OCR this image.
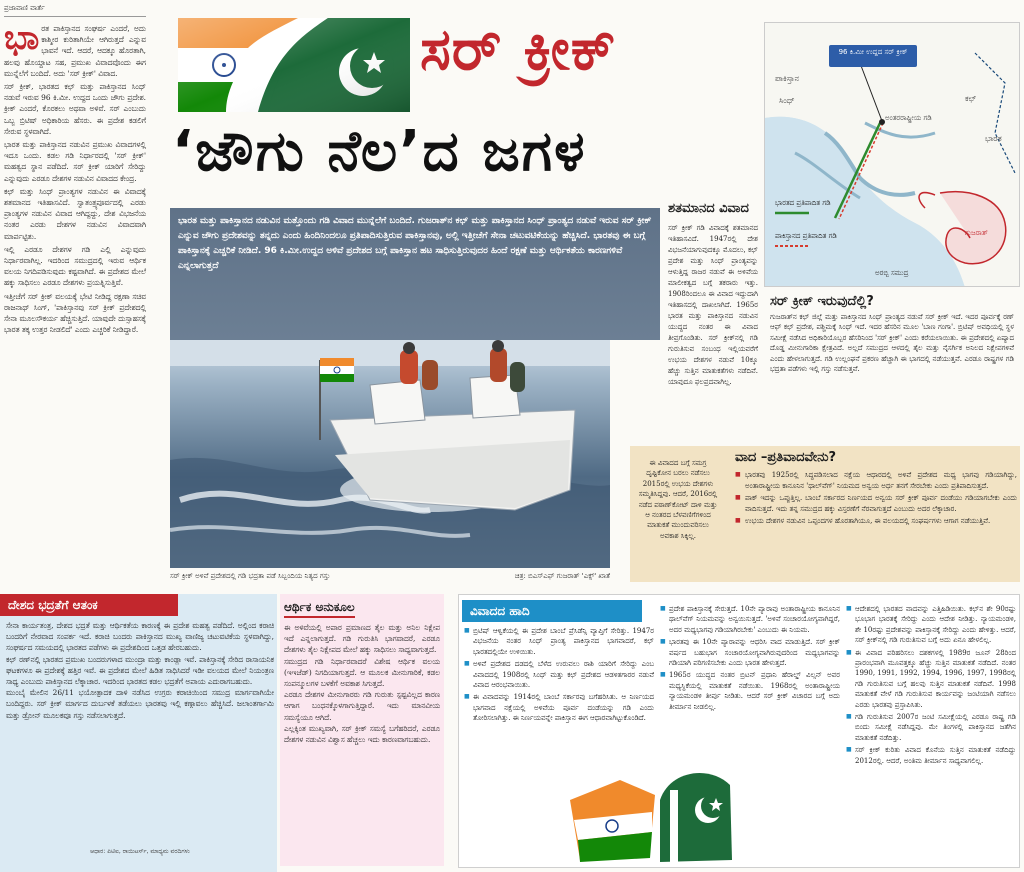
ಪ್ರಜಾವಾಣಿ ವಾರ್ತೆ
ಭಾ ರತ ಪಾಕಿಸ್ತಾನದ ಸಂಘರ್ಷ ಎಂದರೆ, ಅದು ಕಾಶ್ಮೀರ ಕುರಿತಾಗಿಯೇ ಆಗಿರುತ್ತದೆ ಎನ್ನುವ ಭಾವನೆ ಇದೆ. ಆದರೆ, ಆದಕ್ಕೂ ಹೊರತಾಗಿ, ಹಲವು ಹೊಯ್ದಾಟ ಸಹ, ಪ್ರಮುಖ ವಿವಾದವೊಂದು ಈಗ ಮುನ್ನೆಲೆಗೆ ಬಂದಿದೆ. ಅದು 'ಸರ್ ಕ್ರೀಕ್' ವಿವಾದ.

ಸರ್ ಕ್ರೀಕ್, ಭಾರತದ ಕಛ್ ಮತ್ತು ಪಾಕಿಸ್ತಾನದ ಸಿಂಧ್ ನಡುವೆ ಇರುವ 96 ಕಿ.ಮೀ. ಉದ್ದದ ಒಂದು ಜೌಗು ಪ್ರದೇಶ. ಕ್ರೀಕ್ ಎಂದರೆ, ಕೊರಕಲು ಅಥವಾ ಅಳಿವೆ. ಸರ್ ಎಂಬುದು ಒಬ್ಬ ಬ್ರಿಟಿಷ್ ಅಧಿಕಾರಿಯ ಹೆಸರು. ಈ ಪ್ರದೇಶ ಕಡಲಿಗೆ ಸೇರುವ ಸ್ಥಳವಾಗಿದೆ.

ಭಾರತ ಮತ್ತು ಪಾಕಿಸ್ತಾನದ ನಡುವಿನ ಪ್ರಮುಖ ವಿವಾದಗಳಲ್ಲಿ ಇದೂ ಒಂದು. ಕಡಲ ಗಡಿ ನಿರ್ಧಾರದಲ್ಲಿ 'ಸರ್ ಕ್ರೀಕ್' ಮಹತ್ವದ ಸ್ಥಾನ ಪಡೆದಿದೆ. ಸರ್ ಕ್ರೀಕ್ ಯಾರಿಗೆ ಸೇರಿದ್ದು ಎನ್ನುವುದು ಎರಡೂ ದೇಶಗಳ ನಡುವಿನ ವಿವಾದದ ಕೇಂದ್ರ.

ಕಛ್ ಮತ್ತು ಸಿಂಧ್ ಪ್ರಾಂತ್ಯಗಳ ನಡುವಿನ ಈ ವಿವಾದಕ್ಕೆ ಶತಮಾನದ ಇತಿಹಾಸವಿದೆ. ಸ್ವಾತಂತ್ರ್ಯಪೂರ್ವದಲ್ಲಿ ಎರಡು ಪ್ರಾಂತ್ಯಗಳ ನಡುವಿನ ವಿವಾದ ಆಗಿದ್ದದ್ದು, ದೇಶ ವಿಭಜನೆಯ ನಂತರ ಎರಡು ದೇಶಗಳ ನಡುವಿನ ವಿವಾದವಾಗಿ ಮಾರ್ಪಟ್ಟಿತು.

ಇಲ್ಲಿ ಎರಡೂ ದೇಶಗಳ ಗಡಿ ಎಲ್ಲಿ ಎನ್ನುವುದು ನಿರ್ಧಾರವಾಗಿಲ್ಲ. ಇದರಿಂದ ಸಮುದ್ರದಲ್ಲಿ ಇರುವ ಆರ್ಥಿಕ ವಲಯ ನಿಗದಿಪಡಿಸುವುದು ಕಷ್ಟವಾಗಿದೆ. ಈ ಪ್ರದೇಶದ ಮೇಲೆ ಹಕ್ಕು ಸಾಧಿಸಲು ಎರಡೂ ದೇಶಗಳು ಪ್ರಯತ್ನಿಸುತ್ತಿವೆ.

ಇತ್ತೀಚೆಗೆ ಸರ್ ಕ್ರೀಕ್ ವಲಯಕ್ಕೆ ಭೇಟಿ ನೀಡಿದ್ದ ರಕ್ಷಣಾ ಸಚಿವ ರಾಜನಾಥ್ ಸಿಂಗ್, 'ಪಾಕಿಸ್ತಾನವು ಸರ್ ಕ್ರೀಕ್ ಪ್ರದೇಶದಲ್ಲಿ ಸೇನಾ ಮೂಲಸೌಕರ್ಯ ಹೆಚ್ಚಿಸುತ್ತಿದೆ. ಯಾವುದೇ ದುಸ್ಸಾಹಸಕ್ಕೆ ಭಾರತ ತಕ್ಕ ಉತ್ತರ ನೀಡಲಿದೆ' ಎಂದು ಎಚ್ಚರಿಕೆ ನೀಡಿದ್ದಾರೆ.

ಸರ್ ಕ್ರೀಕ್
‘ಜೌಗು ನೆಲ’ದ ಜಗಳ

ಭಾರತ ಮತ್ತು ಪಾಕಿಸ್ತಾನದ ನಡುವಿನ ಮತ್ತೊಂದು ಗಡಿ ವಿವಾದ ಮುನ್ನೆಲೆಗೆ ಬಂದಿದೆ. ಗುಜರಾತ್‌ನ ಕಛ್ ಮತ್ತು ಪಾಕಿಸ್ತಾನದ ಸಿಂಧ್ ಪ್ರಾಂತ್ಯದ ನಡುವೆ ಇರುವ ಸರ್ ಕ್ರೀಕ್ ಎನ್ನುವ ಜೌಗು ಪ್ರದೇಶವನ್ನು ತನ್ನದು ಎಂದು ಹಿಂದಿನಿಂದಲೂ ಪ್ರತಿಪಾದಿಸುತ್ತಿರುವ ಪಾಕಿಸ್ತಾನವು, ಅಲ್ಲಿ ಇತ್ತೀಚೆಗೆ ಸೇನಾ ಚಟುವಟಿಕೆಯನ್ನು ಹೆಚ್ಚಿಸಿದೆ. ಭಾರತವು ಈ ಬಗ್ಗೆ ಪಾಕಿಸ್ತಾನಕ್ಕೆ ಎಚ್ಚರಿಕೆ ನೀಡಿದೆ. 96 ಕಿ.ಮೀ.ಉದ್ದದ ಅಳಿವೆ ಪ್ರದೇಶದ ಬಗ್ಗೆ ಪಾಕಿಸ್ತಾನ ಹಟ ಸಾಧಿಸುತ್ತಿರುವುದರ ಹಿಂದೆ ರಕ್ಷಣೆ ಮತ್ತು ಆರ್ಥಿಕತೆಯ ಕಾರಣಗಳಿವೆ ಎನ್ನಲಾಗುತ್ತದೆ

ಶತಮಾನದ ವಿವಾದ
ಸರ್ ಕ್ರೀಕ್ ಗಡಿ ವಿವಾದಕ್ಕೆ ಶತಮಾನದ ಇತಿಹಾಸವಿದೆ. 1947ರಲ್ಲಿ ದೇಶ ವಿಭಜನೆಯಾಗುವುದಕ್ಕೂ ಮೊದಲು, ಕಛ್ ಪ್ರದೇಶ ಮತ್ತು ಸಿಂಧ್ ಪ್ರಾಂತ್ಯವನ್ನು ಆಳುತ್ತಿದ್ದ ರಾಜರ ನಡುವೆ ಈ ಅಳಿವೆಯ ಮಾಲೀಕತ್ವದ ಬಗ್ಗೆ ತಕರಾರು ಇತ್ತು. 1908ರಿಂದಲೂ ಈ ವಿವಾದ ಇದ್ದುದಾಗಿ ಇತಿಹಾಸದಲ್ಲಿ ದಾಖಲಾಗಿದೆ. 1965ರ ಭಾರತ ಮತ್ತು ಪಾಕಿಸ್ತಾನದ ನಡುವಿನ ಯುದ್ಧದ ನಂತರ ಈ ವಿವಾದ ತೀವ್ರಗೊಂಡಿತು. ಸರ್ ಕ್ರೀಕ್‌ನಲ್ಲಿ ಗಡಿ ಗುರುತಿಸುವ ಸಂಬಂಧ ಇಲ್ಲಿಯವರೆಗೆ ಉಭಯ ದೇಶಗಳ ನಡುವೆ 10ಕ್ಕೂ ಹೆಚ್ಚು ಸುತ್ತಿನ ಮಾತುಕತೆಗಳು ನಡೆದಿವೆ. ಯಾವುದೂ ಫಲಪ್ರದವಾಗಿಲ್ಲ.
ಸರ್ ಕ್ರೀಕ್ ಅಳಿವೆ ಪ್ರದೇಶದಲ್ಲಿ ಗಡಿ ಭದ್ರತಾ ಪಡೆ ಸಿಬ್ಬಂದಿಯ ನಿತ್ಯದ ಗಸ್ತು	ಚಿತ್ರ: ಬಿಎಸ್ಎಫ್ ಗುಜರಾತ್ 'ಎಕ್ಸ್' ಖಾತೆ
96 ಕಿ.ಮೀ ಉದ್ದದ ಸರ್ ಕ್ರೀಕ್
ಪಾಕಿಸ್ತಾನ
ಸಿಂಧ್	ಕಛ್
ಅಂತರರಾಷ್ಟ್ರೀಯ ಗಡಿ
ಭಾರತ
ಭಾರತದ ಪ್ರತಿಪಾದಿತ ಗಡಿ
ಪಾಕಿಸ್ತಾನದ ಪ್ರತಿಪಾದಿತ ಗಡಿ
ಅರಬ್ಬಿ ಸಮುದ್ರ
ಗುಜರಾತ್
ಸರ್ ಕ್ರೀಕ್ ಇರುವುದೆಲ್ಲಿ?
ಗುಜರಾತ್‌ನ ಕಛ್ ಜಿಲ್ಲೆ ಮತ್ತು ಪಾಕಿಸ್ತಾನದ ಸಿಂಧ್ ಪ್ರಾಂತ್ಯದ ನಡುವೆ ಸರ್ ಕ್ರೀಕ್ ಇದೆ. ಇದರ ಪೂರ್ವಕ್ಕೆ ರಣ್ ಆಫ್ ಕಛ್ ಪ್ರದೇಶ, ಪಶ್ಚಿಮಕ್ಕೆ ಸಿಂಧ್ ಇದೆ. ಇದರ ಹೆಸರಿನ ಮೂಲ 'ಬಾಣ ಗಂಗಾ'. ಬ್ರಿಟಿಷ್ ಅವಧಿಯಲ್ಲಿ ಸ್ಥಳ ಸಮೀಕ್ಷೆ ನಡೆಸಿದ ಅಧಿಕಾರಿಯೊಬ್ಬರ ಹೆಸರಿನಿಂದ 'ಸರ್ ಕ್ರೀಕ್' ಎಂದು ಕರೆಯಲಾಯಿತು. ಈ ಪ್ರದೇಶದಲ್ಲಿ ಏಷ್ಯಾದ ದೊಡ್ಡ ಮೀನುಗಾರಿಕಾ ಕ್ಷೇತ್ರವಿದೆ. ಅಲ್ಲದೆ ಸಮುದ್ರದ ಆಳದಲ್ಲಿ ತೈಲ ಮತ್ತು ನೈಸರ್ಗಿಕ ಅನಿಲದ ನಿಕ್ಷೇಪಗಳಿವೆ ಎಂದು ಹೇಳಲಾಗುತ್ತದೆ. ಗಡಿ ಉಲ್ಲಂಘನೆ ಪ್ರಕರಣ ಹೆಚ್ಚಾಗಿ ಈ ಭಾಗದಲ್ಲಿ ನಡೆಯುತ್ತವೆ. ಎರಡೂ ರಾಷ್ಟ್ರಗಳ ಗಡಿ ಭದ್ರತಾ ಪಡೆಗಳು ಇಲ್ಲಿ ಗಸ್ತು ನಡೆಸುತ್ತವೆ.
ಈ ವಿವಾದದ ಬಗ್ಗೆ ಸಮಗ್ರ ದೃಷ್ಟಿಕೋನ ಬರಲು ನಡೆಸಲು 2015ರಲ್ಲಿ ಉಭಯ ದೇಶಗಳು ಸಮ್ಮತಿಸಿದ್ದವು. ಆದರೆ, 2016ರಲ್ಲಿ ನಡೆದ ಪಠಾಣ್‌ಕೋಟ್ ದಾಳಿ ಮತ್ತು ಆ ನಂತರದ ಬೆಳವಣಿಗೆಗಳಿಂದ ಮಾತುಕತೆ ಮುಂದುವರಿಸಲು ಅವಕಾಶ ಸಿಕ್ಕಿಲ್ಲ.
ವಾದ –ಪ್ರತಿವಾದವೇನು?
■ ಭಾರತವು 1925ರಲ್ಲಿ ಸಿದ್ಧಪಡಿಸಲಾದ ನಕ್ಷೆಯ ಆಧಾರದಲ್ಲಿ ಅಳಿವೆ ಪ್ರದೇಶದ ಮಧ್ಯ ಭಾಗವು ಗಡಿಯಾಗಿದ್ದು, ಅಂತಾರಾಷ್ಟ್ರೀಯ ಕಾನೂನಿನ 'ಥಾಲ್‌ವೆಗ್' ನಿಯಮದ ಅನ್ವಯ ಅರ್ಧ ತನಗೆ ಸೇರಬೇಕು ಎಂದು ಪ್ರತಿಪಾದಿಸುತ್ತದೆ.
■ ಪಾಕ್ ಇದನ್ನು ಒಪ್ಪುತ್ತಿಲ್ಲ. ಬಾಂಬೆ ಸರ್ಕಾರದ ನಿರ್ಣಯದ ಅನ್ವಯ ಸರ್ ಕ್ರೀಕ್ ಪೂರ್ವ ದಂಡೆಯು ಗಡಿಯಾಗಬೇಕು ಎಂದು ವಾದಿಸುತ್ತದೆ. ಇದು ತನ್ನ ಸಮುದ್ರದ ಹಕ್ಕು ವಿಸ್ತರಣೆಗೆ ನೆರವಾಗುತ್ತದೆ ಎಂಬುದು ಅದರ ಲೆಕ್ಕಾಚಾರ.
■ ಉಭಯ ದೇಶಗಳ ನಡುವಿನ ಒಪ್ಪಂದಗಳ ಹೊರತಾಗಿಯೂ, ಈ ವಲಯದಲ್ಲಿ ಸಂಘರ್ಷಗಳು ಆಗಾಗ ನಡೆಯುತ್ತಿವೆ.
ದೇಶದ ಭದ್ರತೆಗೆ ಆತಂಕ

ಸೇನಾ ಕಾರ್ಯತಂತ್ರ, ದೇಶದ ಭದ್ರತೆ ಮತ್ತು ಆರ್ಥಿಕತೆಯ ಕಾರಣಕ್ಕೆ ಈ ಪ್ರದೇಶ ಮಹತ್ವ ಪಡೆದಿದೆ. ಅಲ್ಲಿಂದ ಕರಾಚಿ ಬಂದರಿಗೆ ನೇರವಾದ ಸಂಪರ್ಕ ಇದೆ. ಕರಾಚಿ ಬಂದರು ಪಾಕಿಸ್ತಾನದ ಮುಖ್ಯ ವಾಣಿಜ್ಯ ಚಟುವಟಿಕೆಯ ಸ್ಥಳವಾಗಿದ್ದು, ಸಂಘರ್ಷದ ಸಮಯದಲ್ಲಿ ಭಾರತದ ಪಡೆಗಳು ಈ ಪ್ರದೇಶದಿಂದ ಒತ್ತಡ ಹೇರಬಹುದು.

ಕಛ್ ರಣ್‌ನಲ್ಲಿ ಭಾರತದ ಪ್ರಮುಖ ಬಂದರುಗಳಾದ ಮುಂದ್ರಾ ಮತ್ತು ಕಾಂಡ್ಲಾ ಇವೆ. ಪಾಕಿಸ್ತಾನಕ್ಕೆ ಸೇರಿದ ರಾಸಾಯನಿಕ ಘಟಕಗಳೂ ಈ ಪ್ರದೇಶಕ್ಕೆ ಹತ್ತಿರ ಇವೆ. ಈ ಪ್ರದೇಶದ ಮೇಲೆ ಹಿಡಿತ ಸಾಧಿಸಿದರೆ ಇಡೀ ವಲಯದ ಮೇಲೆ ನಿಯಂತ್ರಣ ಸಾಧ್ಯ ಎಂಬುದು ಪಾಕಿಸ್ತಾನದ ಲೆಕ್ಕಾಚಾರ. ಇದರಿಂದ ಭಾರತದ ಕಡಲ ಭದ್ರತೆಗೆ ಅಪಾಯ ಎದುರಾಗಬಹುದು.

ಮುಂಬೈ ಮೇಲಿನ 26/11 ಭಯೋತ್ಪಾದಕ ದಾಳಿ ನಡೆಸಿದ ಉಗ್ರರು ಕರಾಚಿಯಿಂದ ಸಮುದ್ರ ಮಾರ್ಗವಾಗಿಯೇ ಬಂದಿದ್ದರು. ಸರ್ ಕ್ರೀಕ್ ಮಾರ್ಗದ ದುರ್ಬಳಕೆ ತಡೆಯಲು ಭಾರತವು ಇಲ್ಲಿ ಕಣ್ಗಾವಲು ಹೆಚ್ಚಿಸಿದೆ. ಜಲಾಂತರ್ಗಾಮಿ ಮತ್ತು ಡ್ರೋನ್ ಮೂಲಕವೂ ಗಸ್ತು ನಡೆಸಲಾಗುತ್ತದೆ.

ಆಧಾರ: ಪಿಟಿಐ, ರಾಯಿಟರ್ಸ್, ಮಾಧ್ಯಮ ವರದಿಗಳು
ಆರ್ಥಿಕ ಅನುಕೂಲ

ಈ ಅಳಿವೆಯಲ್ಲಿ ಅಪಾರ ಪ್ರಮಾಣದ ತೈಲ ಮತ್ತು ಅನಿಲ ನಿಕ್ಷೇಪ ಇದೆ ಎನ್ನಲಾಗುತ್ತದೆ. ಗಡಿ ಗುರುತಿಸಿ ಭಾಗವಾದರೆ, ಎರಡೂ ದೇಶಗಳು ತೈಲ ನಿಕ್ಷೇಪದ ಮೇಲೆ ಹಕ್ಕು ಸಾಧಿಸಲು ಸಾಧ್ಯವಾಗುತ್ತದೆ.

ಸಮುದ್ರದ ಗಡಿ ನಿರ್ಧಾರವಾದರೆ ವಿಶೇಷ ಆರ್ಥಿಕ ವಲಯ (ಇಇಜೆಡ್) ನಿಗದಿಯಾಗುತ್ತದೆ. ಆ ಮೂಲಕ ಮೀನುಗಾರಿಕೆ, ಕಡಲ ಸಂಪನ್ಮೂಲಗಳ ಬಳಕೆಗೆ ಅವಕಾಶ ಸಿಗುತ್ತದೆ.

ಎರಡೂ ದೇಶಗಳ ಮೀನುಗಾರರು ಗಡಿ ಗುರುತು ಸ್ಪಷ್ಟವಿಲ್ಲದ ಕಾರಣ ಆಗಾಗ ಬಂಧನಕ್ಕೊಳಗಾಗುತ್ತಿದ್ದಾರೆ. ಇದು ಮಾನವೀಯ ಸಮಸ್ಯೆಯೂ ಆಗಿದೆ.

ಎಲ್ಲಕ್ಕಿಂತ ಮುಖ್ಯವಾಗಿ, ಸರ್ ಕ್ರೀಕ್ ಸಮಸ್ಯೆ ಬಗೆಹರಿದರೆ, ಎರಡೂ ದೇಶಗಳ ನಡುವಿನ ವಿಶ್ವಾಸ ಹೆಚ್ಚಲು ಇದು ಕಾರಣವಾಗಬಹುದು.

ವಿವಾದದ ಹಾದಿ
■ ಬ್ರಿಟಿಷ್ ಆಳ್ವಿಕೆಯಲ್ಲಿ ಈ ಪ್ರದೇಶ ಬಾಂಬೆ ಪ್ರೆಸಿಡೆನ್ಸಿ ವ್ಯಾಪ್ತಿಗೆ ಸೇರಿತ್ತು. 1947ರ ವಿಭಜನೆಯ ನಂತರ ಸಿಂಧ್ ಪ್ರಾಂತ್ಯ ಪಾಕಿಸ್ತಾನದ ಭಾಗವಾದರೆ, ಕಛ್ ಭಾರತದಲ್ಲಿಯೇ ಉಳಿಯಿತು.
■ ಅಳಿವೆ ಪ್ರದೇಶದ ದಡದಲ್ಲಿ ಬೆಳೆದ ಉರುವಲು ರಾಶಿ ಯಾರಿಗೆ ಸೇರಿದ್ದು ಎಂಬ ವಿವಾದದಲ್ಲಿ 1908ರಲ್ಲಿ ಸಿಂಧ್ ಮತ್ತು ಕಛ್ ಪ್ರದೇಶದ ಆಡಳಿತಗಾರರ ನಡುವೆ ವಿವಾದ ಆರಂಭವಾಯಿತು.
■ ಈ ವಿವಾದವನ್ನು 1914ರಲ್ಲಿ ಬಾಂಬೆ ಸರ್ಕಾರವು ಬಗೆಹರಿಸಿತು. ಆ ನಿರ್ಣಯದ ಭಾಗವಾದ ನಕ್ಷೆಯಲ್ಲಿ ಅಳಿವೆಯ ಪೂರ್ವ ದಂಡೆಯನ್ನು ಗಡಿ ಎಂದು ತೋರಿಸಲಾಗಿತ್ತು. ಈ ನಿರ್ಣಯವನ್ನೇ ಪಾಕಿಸ್ತಾನ ಈಗ ಆಧಾರವಾಗಿಟ್ಟುಕೊಂಡಿದೆ.
■ ಪ್ರದೇಶ ಪಾಕಿಸ್ತಾನಕ್ಕೆ ಸೇರುತ್ತದೆ. 10ನೇ ಪ್ಯಾರಾವು ಅಂತಾರಾಷ್ಟ್ರೀಯ ಕಾನೂನಿನ ಥಾಲ್‌ವೆಗ್ ನಿಯಮವನ್ನು ಅನ್ವಯಿಸುತ್ತದೆ. 'ಅಳಿವೆ ಸಂಚಾರಯೋಗ್ಯವಾಗಿದ್ದರೆ, ಅದರ ಮಧ್ಯಭಾಗವು ಗಡಿಯಾಗಿರಬೇಕು' ಎಂಬುದು ಈ ನಿಯಮ.
■ ಭಾರತವು ಈ 10ನೇ ಪ್ಯಾರಾವನ್ನು ಆಧರಿಸಿ ವಾದ ಮಾಡುತ್ತಿದೆ. ಸರ್ ಕ್ರೀಕ್ ವರ್ಷದ ಬಹುಭಾಗ ಸಂಚಾರಯೋಗ್ಯವಾಗಿರುವುದರಿಂದ ಮಧ್ಯಭಾಗವನ್ನು ಗಡಿಯಾಗಿ ಪರಿಗಣಿಸಬೇಕು ಎಂದು ಭಾರತ ಹೇಳುತ್ತದೆ.
■ 1965ರ ಯುದ್ಧದ ನಂತರ ಬ್ರಿಟನ್ ಪ್ರಧಾನಿ ಹೆರಾಲ್ಡ್ ವಿಲ್ಸನ್ ಅವರ ಮಧ್ಯಸ್ಥಿಕೆಯಲ್ಲಿ ಮಾತುಕತೆ ನಡೆಯಿತು. 1968ರಲ್ಲಿ ಅಂತಾರಾಷ್ಟ್ರೀಯ ನ್ಯಾಯಮಂಡಳಿ ತೀರ್ಪು ನೀಡಿತು. ಆದರೆ ಸರ್ ಕ್ರೀಕ್ ವಿಚಾರದ ಬಗ್ಗೆ ಅದು ತೀರ್ಮಾನ ನೀಡಲಿಲ್ಲ.
■ ಆದೇಶದಲ್ಲಿ ಭಾರತದ ವಾದವನ್ನು ಎತ್ತಿಹಿಡಿಯಿತು. ಕಛ್‌ನ ಶೇ 90ರಷ್ಟು ಭೂಭಾಗ ಭಾರತಕ್ಕೆ ಸೇರಿದ್ದು ಎಂದು ಆದೇಶ ನೀಡಿತ್ತು. ನ್ಯಾಯಮಂಡಳಿ, ಶೇ 10ರಷ್ಟು ಪ್ರದೇಶವನ್ನು ಪಾಕಿಸ್ತಾನಕ್ಕೆ ಸೇರಿದ್ದು ಎಂದು ಹೇಳಿತ್ತು. ಆದರೆ, ಸರ್ ಕ್ರೀಕ್‌ನಲ್ಲಿ ಗಡಿ ಗುರುತಿಸುವ ಬಗ್ಗೆ ಅದು ಏನೂ ಹೇಳಲಿಲ್ಲ.
■ ಈ ವಿವಾದ ಪರಿಹರಿಸಲು ದಶಕಗಳಲ್ಲಿ 1989ರ ಜೂನ್ 28ರಿಂದ ಪ್ರಾರಂಭವಾಗಿ ಮೂವತ್ತಕ್ಕೂ ಹೆಚ್ಚು ಸುತ್ತಿನ ಮಾತುಕತೆ ನಡೆದಿದೆ. ನಂತರ 1990, 1991, 1992, 1994, 1996, 1997, 1998ರಲ್ಲಿ ಗಡಿ ಗುರುತಿಸುವ ಬಗ್ಗೆ ಹಲವು ಸುತ್ತಿನ ಮಾತುಕತೆ ನಡೆದಿವೆ. 1998 ಮಾತುಕತೆ ವೇಳೆ ಗಡಿ ಗುರುತಿಸುವ ಕಾರ್ಯವನ್ನು ಜಂಟಿಯಾಗಿ ನಡೆಸಲು ಎರಡು ಭಾರತವು ಪ್ರಸ್ತಾಪಿಸಿತು.
■ ಗಡಿ ಗುರುತಿಸುವ 2007ರ ಜಂಟಿ ಸಮೀಕ್ಷೆಯಲ್ಲಿ ಎರಡೂ ರಾಷ್ಟ್ರ ಗಡಿ ಬಿಂದು ಸಮೀಕ್ಷೆ ನಡೆಸಿದ್ದವು. ಮೇ ತಿಂಗಳಲ್ಲಿ ಪಾಕಿಸ್ತಾನದ ಜತೆಗಿನ ಮಾತುಕತೆ ನಡೆದಿತ್ತು.
■ ಸರ್ ಕ್ರೀಕ್ ಕುರಿತು ವಿವಾದ ಕೊನೆಯ ಸುತ್ತಿನ ಮಾತುಕತೆ ನಡೆದಿದ್ದು 2012ರಲ್ಲಿ. ಆದರೆ, ಅಂತಿಮ ತೀರ್ಮಾನ ಸಾಧ್ಯವಾಗಲಿಲ್ಲ.
